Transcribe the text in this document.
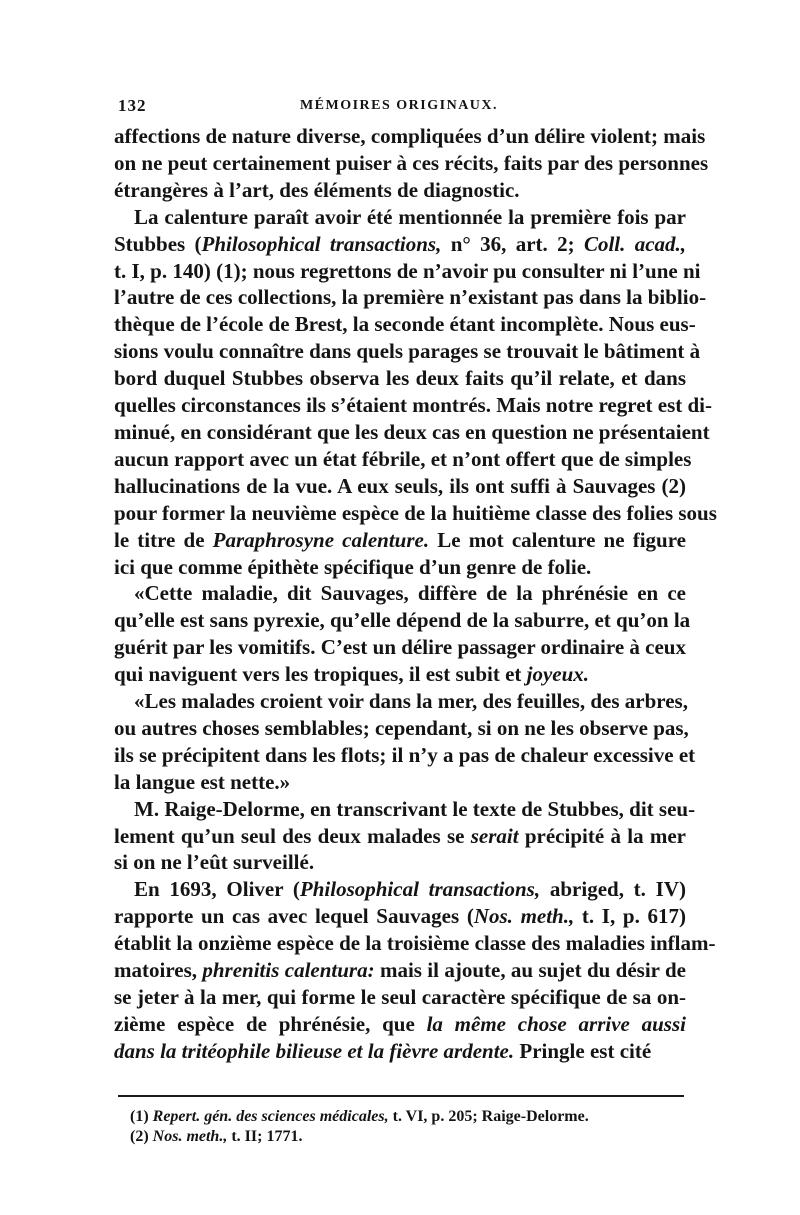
132	MÉMOIRES ORIGINAUX.
affections de nature diverse, compliquées d’un délire violent; mais
on ne peut certainement puiser à ces récits, faits par des personnes
étrangères à l’art, des éléments de diagnostic.
La calenture paraît avoir été mentionnée la première fois par
Stubbes (Philosophical transactions, n° 36, art. 2; Coll. acad.,
t. I, p. 140) (1); nous regrettons de n’avoir pu consulter ni l’une ni
l’autre de ces collections, la première n’existant pas dans la biblio-
thèque de l’école de Brest, la seconde étant incomplète. Nous eus-
sions voulu connaître dans quels parages se trouvait le bâtiment à
bord duquel Stubbes observa les deux faits qu’il relate, et dans
quelles circonstances ils s’étaient montrés. Mais notre regret est di-
minué, en considérant que les deux cas en question ne présentaient
aucun rapport avec un état fébrile, et n’ont offert que de simples
hallucinations de la vue. A eux seuls, ils ont suffi à Sauvages (2)
pour former la neuvième espèce de la huitième classe des folies sous
le titre de Paraphrosyne calenture. Le mot calenture ne figure
ici que comme épithète spécifique d’un genre de folie.
«Cette maladie, dit Sauvages, diffère de la phrénésie en ce
qu’elle est sans pyrexie, qu’elle dépend de la saburre, et qu’on la
guérit par les vomitifs. C’est un délire passager ordinaire à ceux
qui naviguent vers les tropiques, il est subit et joyeux.
«Les malades croient voir dans la mer, des feuilles, des arbres,
ou autres choses semblables; cependant, si on ne les observe pas,
ils se précipitent dans les flots; il n’y a pas de chaleur excessive et
la langue est nette.»
M. Raige-Delorme, en transcrivant le texte de Stubbes, dit seu-
lement qu’un seul des deux malades se serait précipité à la mer
si on ne l’eût surveillé.
En 1693, Oliver (Philosophical transactions, abriged, t. IV)
rapporte un cas avec lequel Sauvages (Nos. meth., t. I, p. 617)
établit la onzième espèce de la troisième classe des maladies inflam-
matoires, phrenitis calentura: mais il ajoute, au sujet du désir de
se jeter à la mer, qui forme le seul caractère spécifique de sa on-
zième espèce de phrénésie, que la même chose arrive aussi
dans la tritéophile bilieuse et la fièvre ardente. Pringle est cité
(1) Repert. gén. des sciences médicales, t. VI, p. 205; Raige-Delorme.
(2) Nos. meth., t. II; 1771.
